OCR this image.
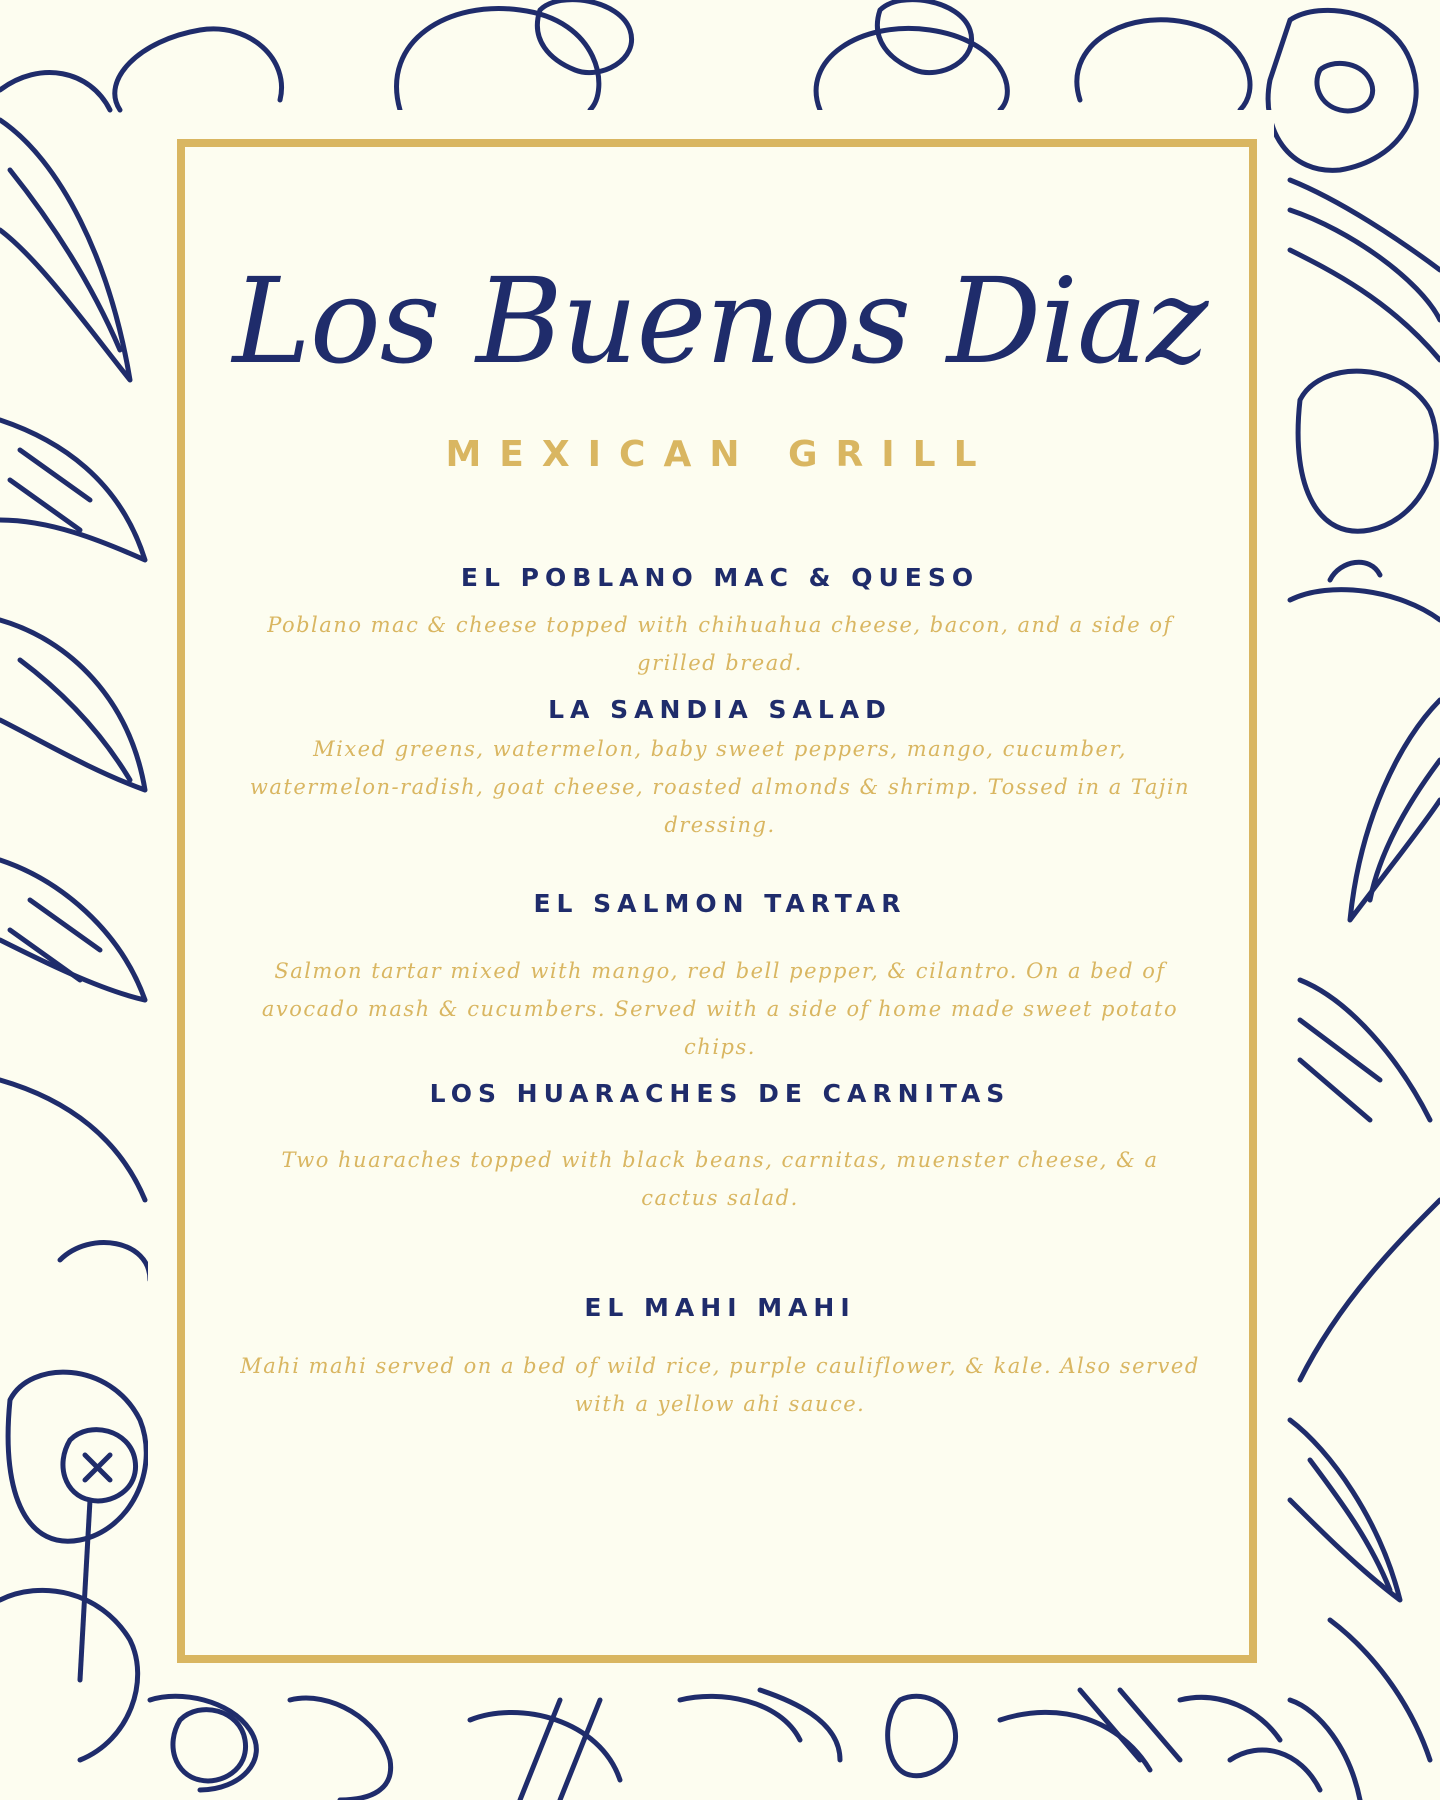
Los Buenos Diaz
MEXICAN GRILL
EL POBLANO MAC & QUESO
Poblano mac & cheese topped with chihuahua cheese, bacon, and a side of grilled bread.
LA SANDIA SALAD
Mixed greens, watermelon, baby sweet peppers, mango, cucumber, watermelon-radish, goat cheese, roasted almonds & shrimp. Tossed in a Tajin dressing.
EL SALMON TARTAR
Salmon tartar mixed with mango, red bell pepper, & cilantro. On a bed of avocado mash & cucumbers. Served with a side of home made sweet potato chips.
LOS HUARACHES DE CARNITAS
Two huaraches topped with black beans, carnitas, muenster cheese, & a cactus salad.
EL MAHI MAHI
Mahi mahi served on a bed of wild rice, purple cauliflower, & kale. Also served with a yellow ahi sauce.
